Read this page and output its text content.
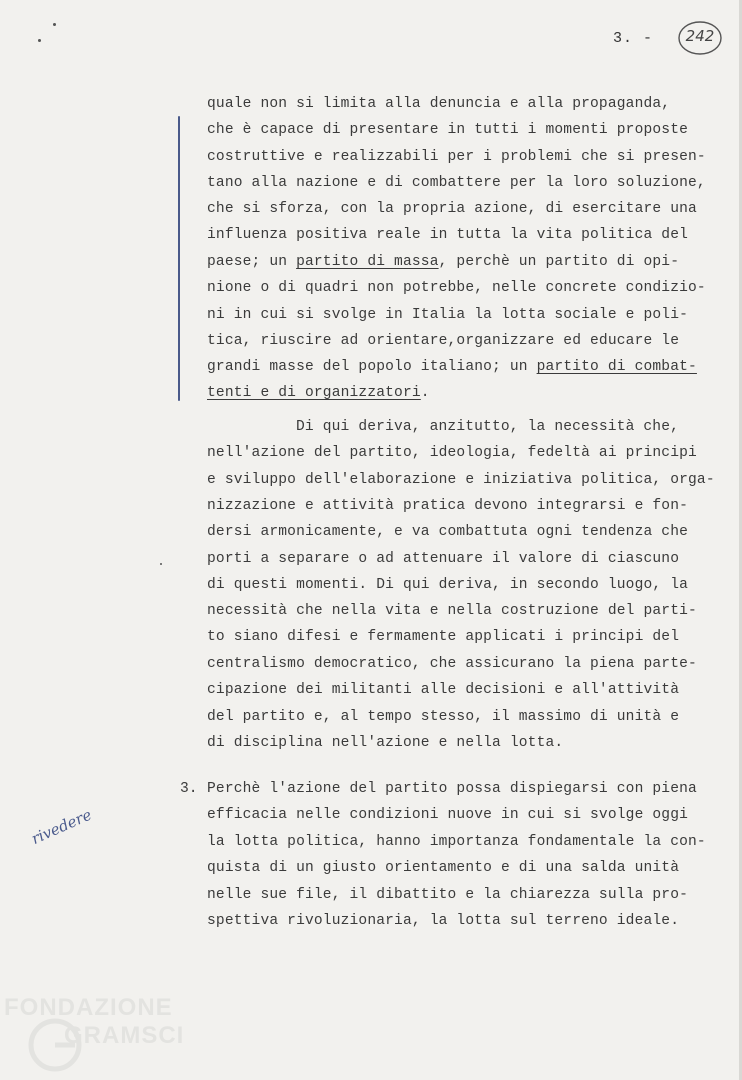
3. -	242
quale non si limita alla denuncia e alla propaganda,
che è capace di presentare in tutti i momenti proposte
costruttive e realizzabili per i problemi che si presen-
tano alla nazione e di combattere per la loro soluzione,
che si sforza, con la propria azione, di esercitare una
influenza positiva reale in tutta la vita politica del
paese; un partito di massa, perchè un partito di opi-
nione o di quadri non potrebbe, nelle concrete condizio-
ni in cui si svolge in Italia la lotta sociale e poli-
tica, riuscire ad orientare,organizzare ed educare le
grandi masse del popolo italiano; un partito di combat-
tenti e di organizzatori.
Di qui deriva, anzitutto, la necessità che,
nell'azione del partito, ideologia, fedeltà ai principi
e sviluppo dell'elaborazione e iniziativa politica, orga-
nizzazione e attività pratica devono integrarsi e fon-
dersi armonicamente, e va combattuta ogni tendenza che
porti a separare o ad attenuare il valore di ciascuno
di questi momenti. Di qui deriva, in secondo luogo, la
necessità che nella vita e nella costruzione del parti-
to siano difesi e fermamente applicati i principi del
centralismo democratico, che assicurano la piena parte-
cipazione dei militanti alle decisioni e all'attività
del partito e, al tempo stesso, il massimo di unità e
di disciplina nell'azione e nella lotta.
3. Perchè l'azione del partito possa dispiegarsi con piena
efficacia nelle condizioni nuove in cui si svolge oggi
la lotta politica, hanno importanza fondamentale la con-
quista di un giusto orientamento e di una salda unità
nelle sue file, il dibattito e la chiarezza sulla pro-
spettiva rivoluzionaria, la lotta sul terreno ideale.
rivedere
FONDAZIONE
GRAMSCI
